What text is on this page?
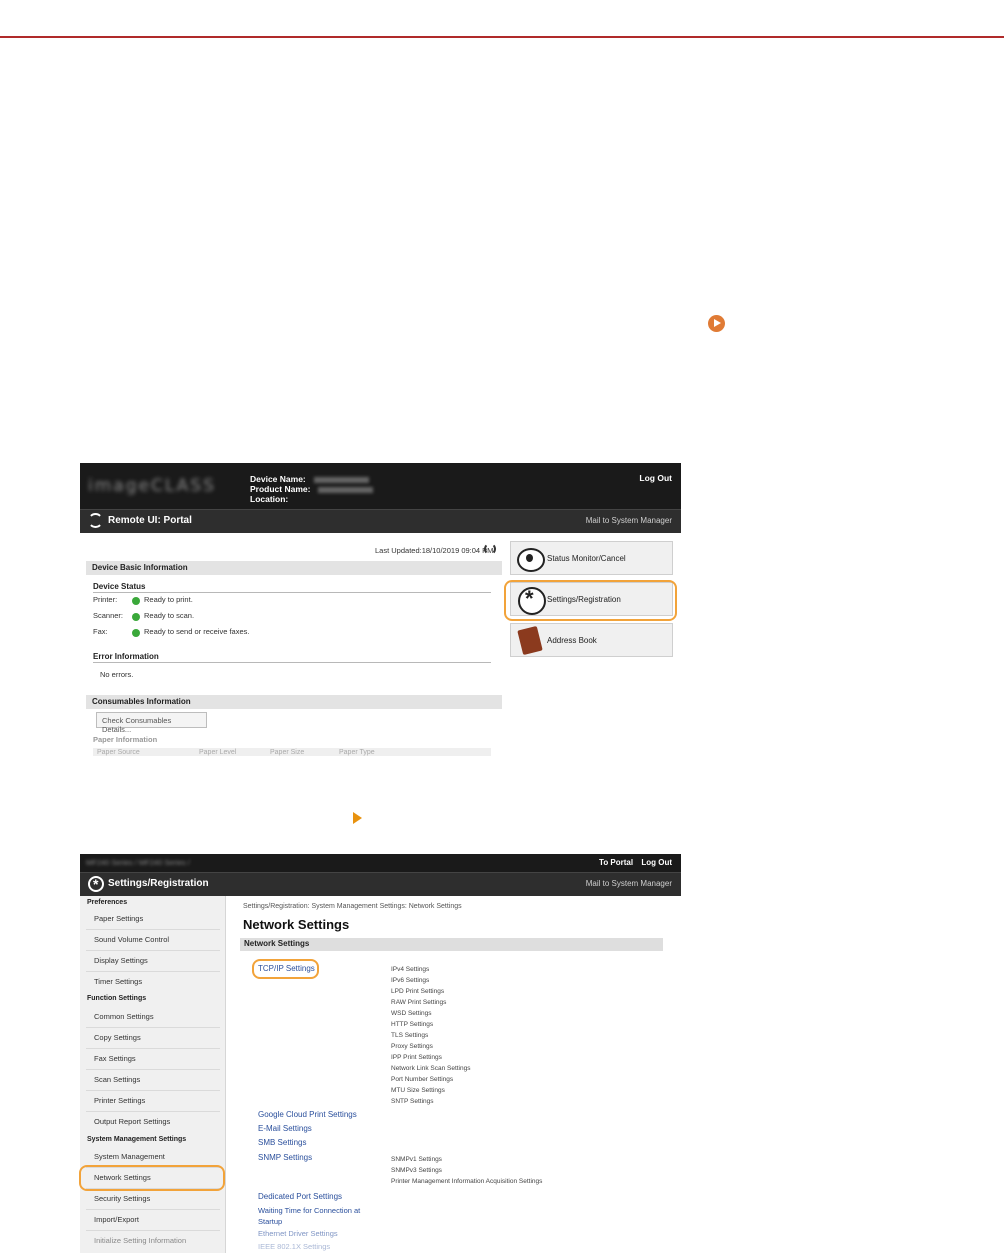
imageCLASS	Device Name:
Product Name:
Location:
Log Out
Remote UI: Portal	Mail to System Manager
Last Updated:18/10/2019 09:04 PM
Device Basic Information
Device Status
Printer:	Ready to print.
Scanner:	Ready to scan.
Fax:	Ready to send or receive faxes.
Error Information
No errors.
Consumables Information
Check Consumables Details...
Paper Information
Paper Source	Paper Level	Paper Size	Paper Type
Status Monitor/Cancel
*
Settings/Registration
Address Book
MF240 Series / MF240 Series /	To Portal Log Out
*
Settings/Registration	Mail to System Manager
Preferences
Paper Settings
Sound Volume Control
Display Settings
Timer Settings
Function Settings
Common Settings
Copy Settings
Fax Settings
Scan Settings
Printer Settings
Output Report Settings
System Management Settings
System Management
Network Settings
Security Settings
Import/Export
Initialize Setting Information
Settings/Registration: System Management Settings: Network Settings
Network Settings
Network Settings
TCP/IP Settings	IPv4 Settings
IPv6 Settings
LPD Print Settings
RAW Print Settings
WSD Settings
HTTP Settings
TLS Settings
Proxy Settings
IPP Print Settings
Network Link Scan Settings
Port Number Settings
MTU Size Settings
SNTP Settings
Google Cloud Print Settings
E-Mail Settings
SMB Settings
SNMP Settings	SNMPv1 Settings
SNMPv3 Settings
Printer Management Information Acquisition Settings
Dedicated Port Settings
Waiting Time for Connection at
Startup
Ethernet Driver Settings
IEEE 802.1X Settings
